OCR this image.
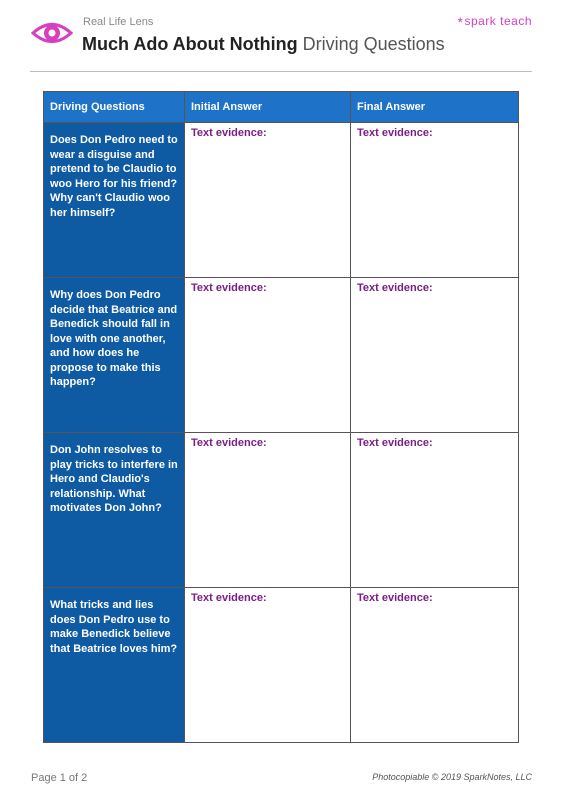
Real Life Lens
Much Ado About Nothing Driving Questions
*spark teach
Driving Questions	Initial Answer	Final Answer
Does Don Pedro need to wear a disguise and pretend to be Claudio to woo Hero for his friend? Why can't Claudio woo her himself?	Text evidence:	Text evidence:
Why does Don Pedro decide that Beatrice and Benedick should fall in love with one another, and how does he propose to make this happen?	Text evidence:	Text evidence:
Don John resolves to play tricks to interfere in Hero and Claudio's relationship. What motivates Don John?	Text evidence:	Text evidence:
What tricks and lies does Don Pedro use to make Benedick believe that Beatrice loves him?	Text evidence:	Text evidence:
Page 1 of 2	Photocopiable © 2019 SparkNotes, LLC
